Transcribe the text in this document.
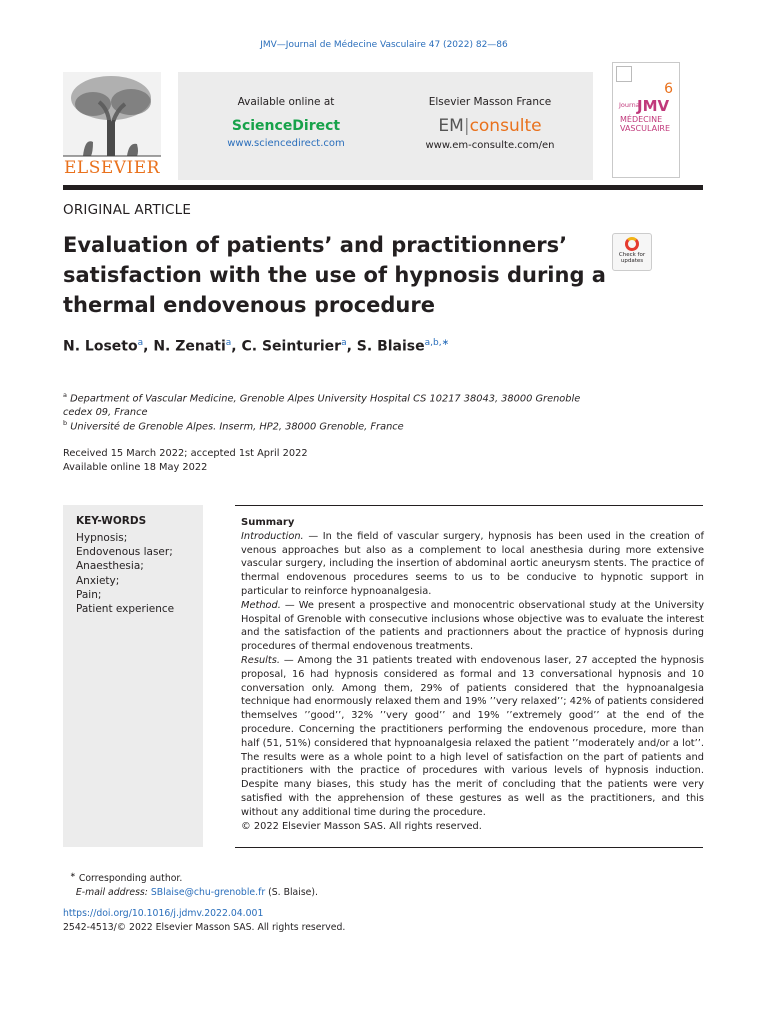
JMV—Journal de Médecine Vasculaire 47 (2022) 82—86
ELSEVIER
Available online at
ScienceDirect
www.sciencedirect.com
Elsevier Masson France
EM|consulte
www.em-consulte.com/en
6
Journal
JMV
MÉDECINE
VASCULAIRE
ORIGINAL ARTICLE
Evaluation of patients’ and practitionners’ satisfaction with the use of hypnosis during a thermal endovenous procedure
Check for updates
N. Loseto$^a$, N. Zenati$^a$, C. Seinturier$^a$, S. Blaise$^{a,b,∗}$
$^a$ Department of Vascular Medicine, Grenoble Alpes University Hospital CS 10217 38043, 38000 Grenoble cedex 09, France
$^b$ Université de Grenoble Alpes. Inserm, HP2, 38000 Grenoble, France
Received 15 March 2022; accepted 1st April 2022
Available online 18 May 2022
KEY-WORDS
Hypnosis;
Endovenous laser;
Anaesthesia;
Anxiety;
Pain;
Patient experience
Summary

Introduction. — In the field of vascular surgery, hypnosis has been used in the creation of venous approaches but also as a complement to local anesthesia during more extensive vascular surgery, including the insertion of abdominal aortic aneurysm stents. The practice of thermal endovenous procedures seems to us to be conducive to hypnotic support in particular to reinforce hypnoanalgesia.

Method. — We present a prospective and monocentric observational study at the University Hospital of Grenoble with consecutive inclusions whose objective was to evaluate the interest and the satisfaction of the patients and practionners about the practice of hypnosis during procedures of thermal endovenous treatments.

Results. — Among the 31 patients treated with endovenous laser, 27 accepted the hypnosis proposal, 16 had hypnosis considered as formal and 13 conversational hypnosis and 10 conversation only. Among them, 29% of patients considered that the hypnoanalgesia technique had enormously relaxed them and 19% ’’very relaxed’’; 42% of patients considered themselves ’’good’’, 32% ’’very good’’ and 19% ’’extremely good’’ at the end of the procedure. Concerning the practitioners performing the endovenous procedure, more than half (51, 51%) considered that hypnoanalgesia relaxed the patient ’’moderately and/or a lot’’. The results were as a whole point to a high level of satisfaction on the part of patients and practitioners with the practice of procedures with various levels of hypnosis induction. Despite many biases, this study has the merit of concluding that the patients were very satisfied with the apprehension of these gestures as well as the practitioners, and this without any additional time during the procedure.

© 2022 Elsevier Masson SAS. All rights reserved.

∗ Corresponding author.
E-mail address: SBlaise@chu-grenoble.fr (S. Blaise).
https://doi.org/10.1016/j.jdmv.2022.04.001
2542-4513/© 2022 Elsevier Masson SAS. All rights reserved.
